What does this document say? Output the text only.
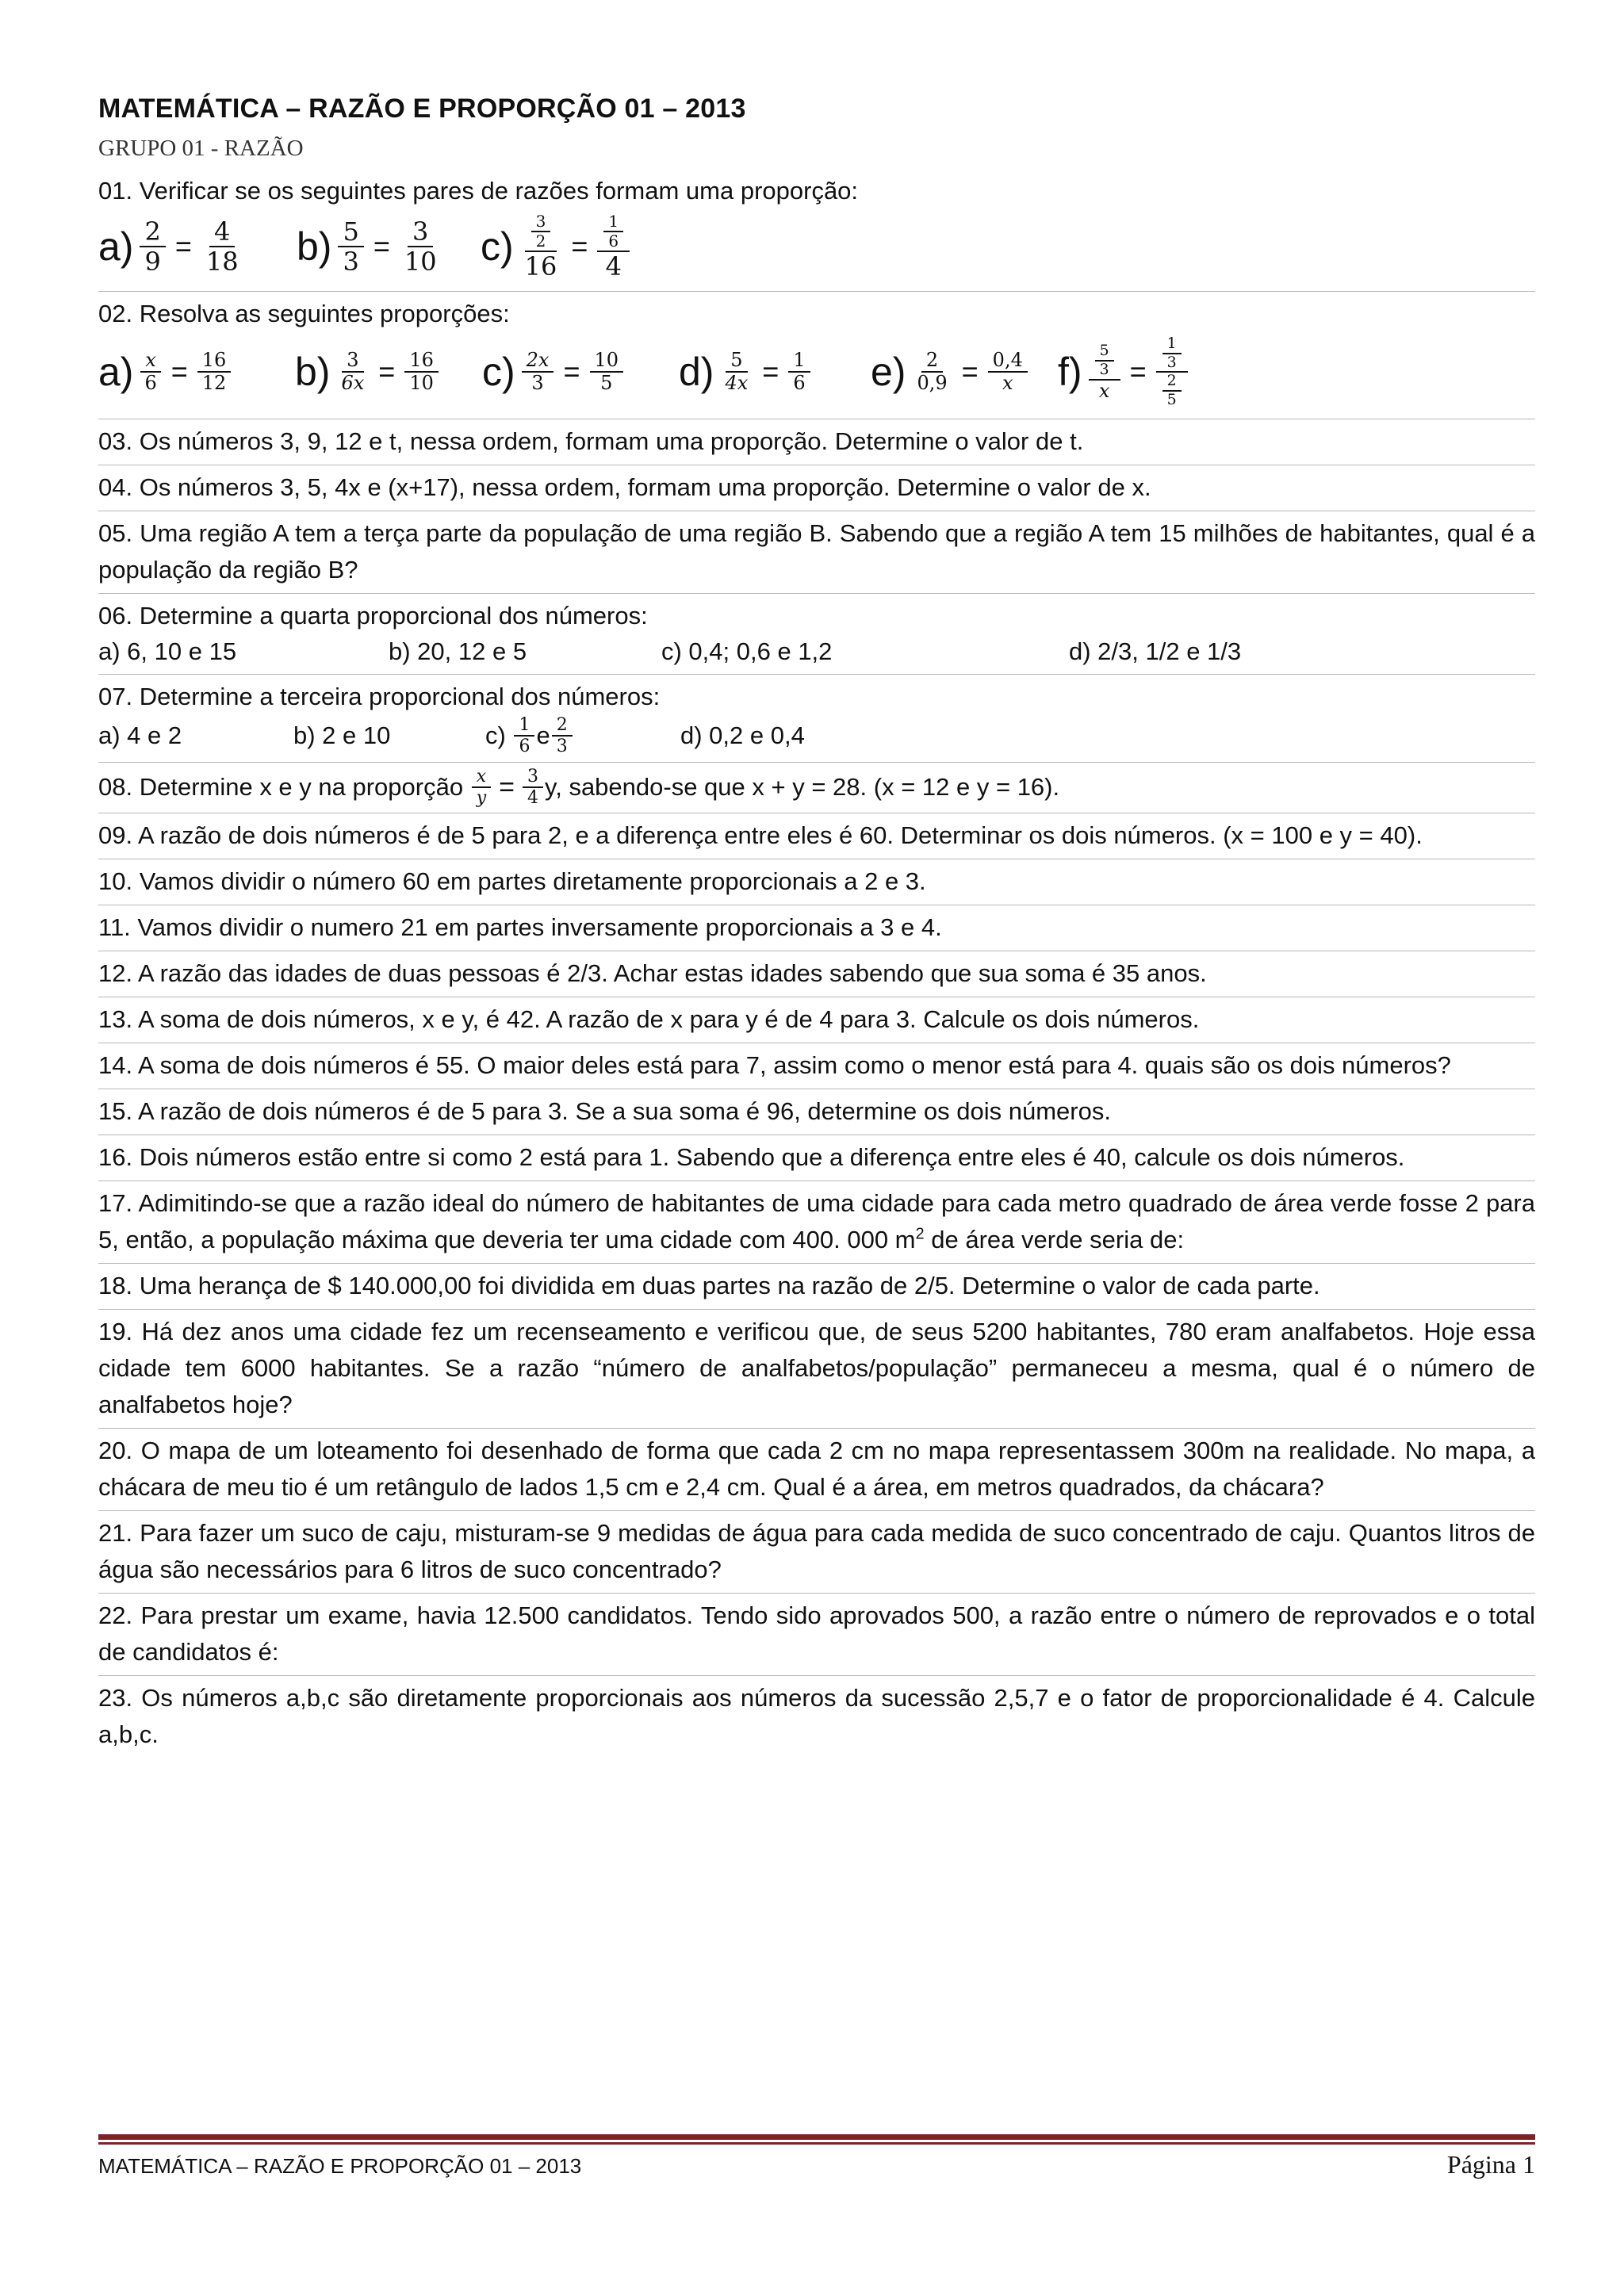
MATEMÁTICA – RAZÃO E PROPORÇÃO 01 – 2013
GRUPO 01 - RAZÃO
01. Verificar se os seguintes pares de razões formam uma proporção:
$a) \frac{2}{9} = \frac{4}{18} b) \frac{5}{3} = \frac{3}{10} c) \frac{\frac{3}{2}}{16} = \frac{\frac{1}{6}}{4}$
02. Resolva as seguintes proporções:
$a) \frac{x}{6} = \frac{16}{12} b) \frac{3}{6x} = \frac{16}{10} c) \frac{2x}{3} = \frac{10}{5} d) \frac{5}{4x} = \frac{1}{6} e) \frac{2}{0,9} = \frac{0,4}{x} f) \frac{\frac{5}{3}}{x} = \frac{\frac{1}{3}}{\frac{2}{5}}$
03. Os números 3, 9, 12 e t, nessa ordem, formam uma proporção. Determine o valor de t.
04. Os números 3, 5, 4x e (x+17), nessa ordem, formam uma proporção. Determine o valor de x.
05. Uma região A tem a terça parte da população de uma região B. Sabendo que a região A tem 15 milhões de habitantes, qual é a população da região B?
06. Determine a quarta proporcional dos números:
a) 6, 10 e 15	b) 20, 12 e 5	c) 0,4; 0,6 e 1,2	d) 2/3, 1/2 e 1/3
07. Determine a terceira proporcional dos números:
a) 4 e 2	b) 2 e 10	c)
$\frac{1}{6}$ e $\frac{2}{3}$	d) 0,2 e 0,4
08. Determine x e y na proporção
$\frac{x}{y} = \frac{3}{4} y$, sabendo-se que x + y = 28. (x = 12 e y = 16).
09. A razão de dois números é de 5 para 2, e a diferença entre eles é 60. Determinar os dois números. (x = 100 e y = 40).
10. Vamos dividir o número 60 em partes diretamente proporcionais a 2 e 3.
11. Vamos dividir o numero 21 em partes inversamente proporcionais a 3 e 4.
12. A razão das idades de duas pessoas é 2/3. Achar estas idades sabendo que sua soma é 35 anos.
13. A soma de dois números, x e y, é 42. A razão de x para y é de 4 para 3. Calcule os dois números.
14. A soma de dois números é 55. O maior deles está para 7, assim como o menor está para 4. quais são os dois números?
15. A razão de dois números é de 5 para 3. Se a sua soma é 96, determine os dois números.
16. Dois números estão entre si como 2 está para 1. Sabendo que a diferença entre eles é 40, calcule os dois números.
17. Adimitindo-se que a razão ideal do número de habitantes de uma cidade para cada metro quadrado de área verde fosse 2 para 5, então, a população máxima que deveria ter uma cidade com 400. 000 $m^2$ de área verde seria de:
18. Uma herança de $ 140.000,00 foi dividida em duas partes na razão de 2/5. Determine o valor de cada parte.
19. Há dez anos uma cidade fez um recenseamento e verificou que, de seus 5200 habitantes, 780 eram analfabetos. Hoje essa cidade tem 6000 habitantes. Se a razão “número de analfabetos/população” permaneceu a mesma, qual é o número de analfabetos hoje?
20. O mapa de um loteamento foi desenhado de forma que cada 2 cm no mapa representassem 300m na realidade. No mapa, a chácara de meu tio é um retângulo de lados 1,5 cm e 2,4 cm. Qual é a área, em metros quadrados, da chácara?
21. Para fazer um suco de caju, misturam-se 9 medidas de água para cada medida de suco concentrado de caju. Quantos litros de água são necessários para 6 litros de suco concentrado?
22. Para prestar um exame, havia 12.500 candidatos. Tendo sido aprovados 500, a razão entre o número de reprovados e o total de candidatos é:
23. Os números a,b,c são diretamente proporcionais aos números da sucessão 2,5,7 e o fator de proporcionalidade é 4. Calcule a,b,c.
MATEMÁTICA – RAZÃO E PROPORÇÃO 01 – 2013	Página 1
